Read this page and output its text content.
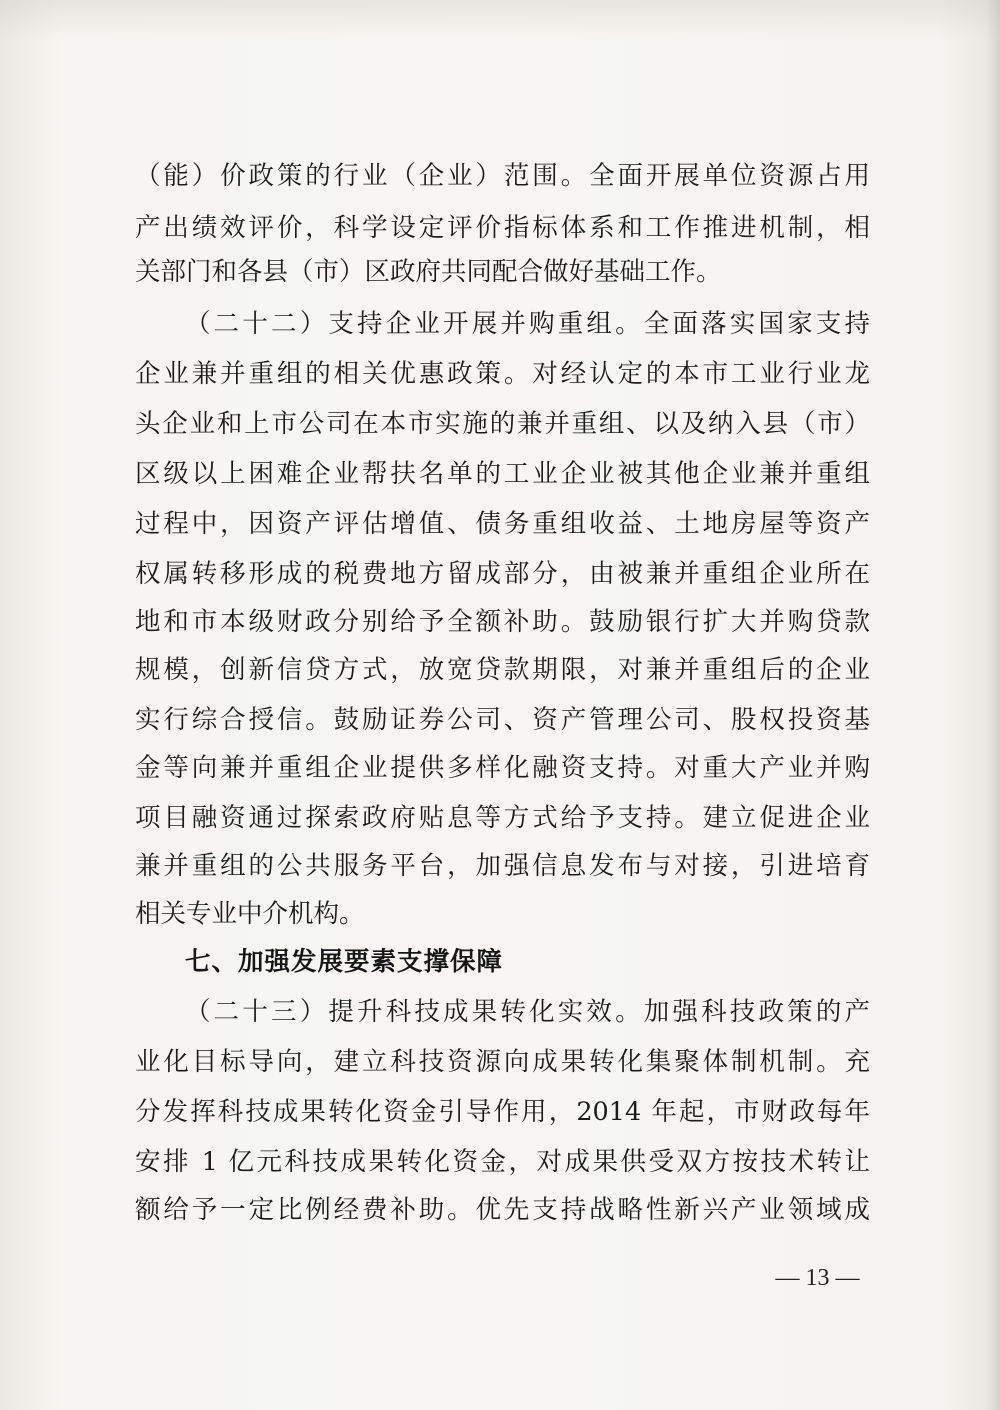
（能）价政策的行业（企业）范围。全面开展单位资源占用
产出绩效评价，科学设定评价指标体系和工作推进机制，相
关部门和各县（市）区政府共同配合做好基础工作。
（二十二）支持企业开展并购重组。全面落实国家支持
企业兼并重组的相关优惠政策。对经认定的本市工业行业龙
头企业和上市公司在本市实施的兼并重组、以及纳入县（市）
区级以上困难企业帮扶名单的工业企业被其他企业兼并重组
过程中，因资产评估增值、债务重组收益、土地房屋等资产
权属转移形成的税费地方留成部分，由被兼并重组企业所在
地和市本级财政分别给予全额补助。鼓励银行扩大并购贷款
规模，创新信贷方式，放宽贷款期限，对兼并重组后的企业
实行综合授信。鼓励证券公司、资产管理公司、股权投资基
金等向兼并重组企业提供多样化融资支持。对重大产业并购
项目融资通过探索政府贴息等方式给予支持。建立促进企业
兼并重组的公共服务平台，加强信息发布与对接，引进培育
相关专业中介机构。
七、加强发展要素支撑保障
（二十三）提升科技成果转化实效。加强科技政策的产
业化目标导向，建立科技资源向成果转化集聚体制机制。充
分发挥科技成果转化资金引导作用，2014 年起，市财政每年
安排 1 亿元科技成果转化资金，对成果供受双方按技术转让
额给予一定比例经费补助。优先支持战略性新兴产业领域成
— 13 —
